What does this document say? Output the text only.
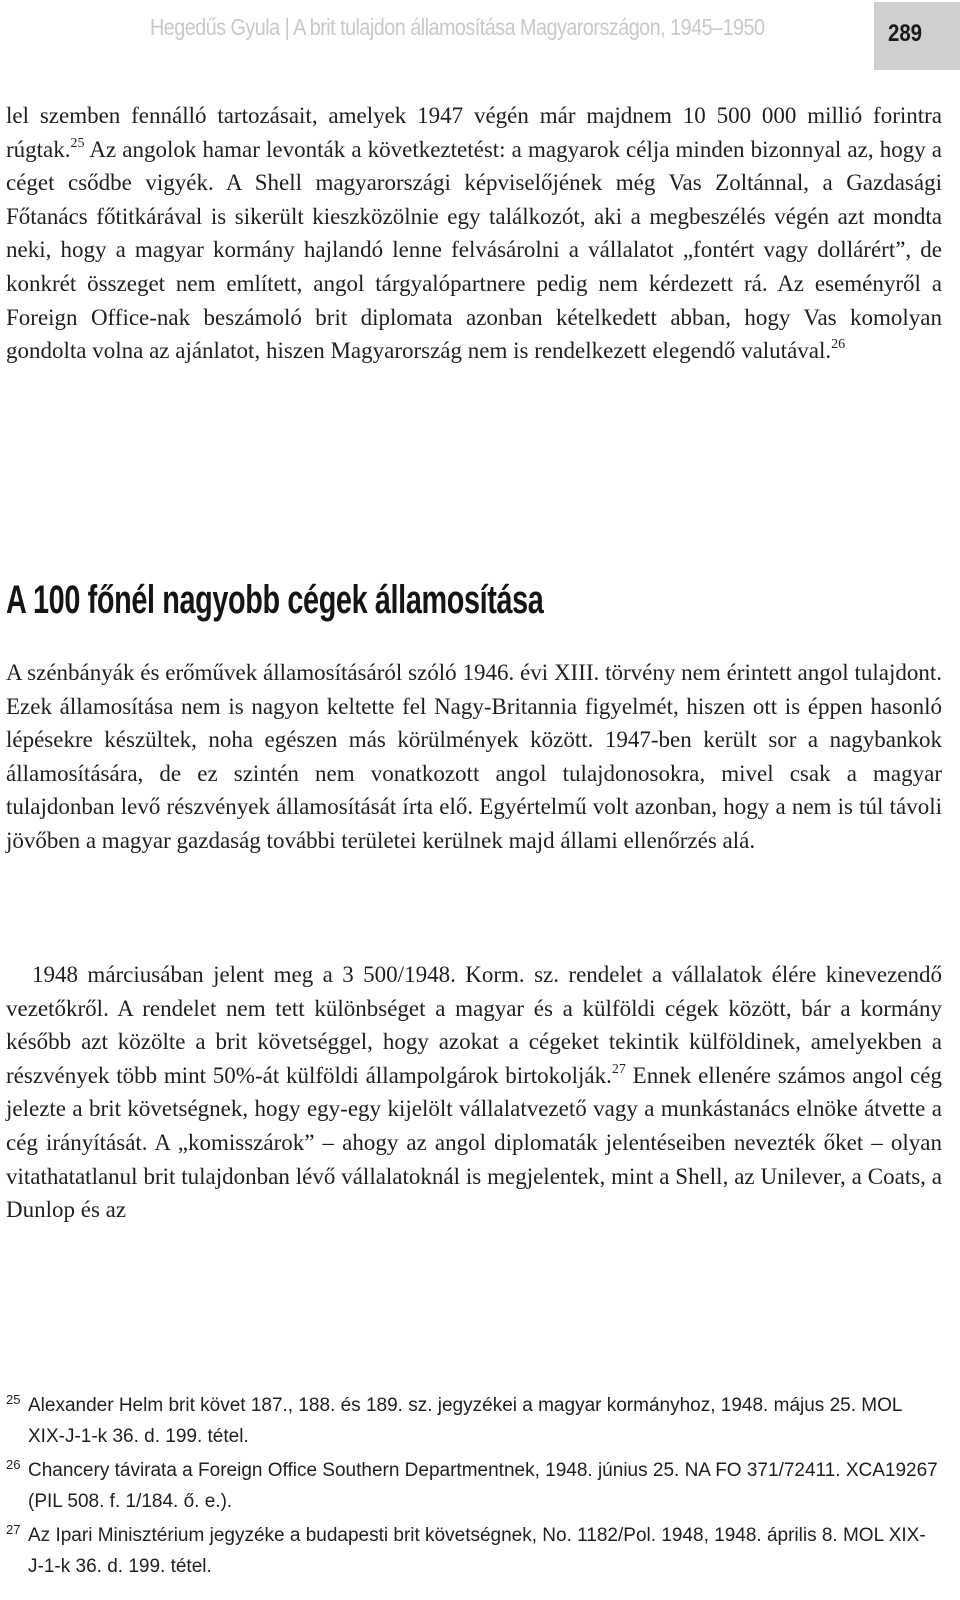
Hegedűs Gyula | A brit tulajdon államosítása Magyarországon, 1945–1950	289

lel szemben fennálló tartozásait, amelyek 1947 végén már majdnem 10 500 000 millió forintra rúgtak.$^{25}$ Az angolok hamar levonták a következtetést: a magyarok célja minden bizonnyal az, hogy a céget csődbe vigyék. A Shell magyarországi képviselőjének még Vas Zoltánnal, a Gazdasági Főtanács főtitkárával is sikerült kieszközölnie egy találkozót, aki a megbeszélés végén azt mondta neki, hogy a magyar kormány hajlandó lenne felvásárolni a vállalatot „fontért vagy dollárért”, de konkrét összeget nem említett, angol tárgyalópartnere pedig nem kérdezett rá. Az eseményről a Foreign Office-nak beszámoló brit diplomata azonban kételkedett abban, hogy Vas komolyan gondolta volna az ajánlatot, hiszen Magyarország nem is rendelkezett elegendő valutával.$^{26}$

A 100 főnél nagyobb cégek államosítása

A szénbányák és erőművek államosításáról szóló 1946. évi XIII. törvény nem érintett angol tulajdont. Ezek államosítása nem is nagyon keltette fel Nagy-Britannia figyelmét, hiszen ott is éppen hasonló lépésekre készültek, noha egészen más körülmények között. 1947-ben került sor a nagybankok államosítására, de ez szintén nem vonatkozott angol tulajdonosokra, mivel csak a magyar tulajdonban levő részvények államosítását írta elő. Egyértelmű volt azonban, hogy a nem is túl távoli jövőben a magyar gazdaság további területei kerülnek majd állami ellenőrzés alá.

1948 márciusában jelent meg a 3 500/1948. Korm. sz. rendelet a vállalatok élére kinevezendő vezetőkről. A rendelet nem tett különbséget a magyar és a külföldi cégek között, bár a kormány később azt közölte a brit követséggel, hogy azokat a cégeket tekintik külföldinek, amelyekben a részvények több mint 50%-át külföldi állampolgárok birtokolják.$^{27}$ Ennek ellenére számos angol cég jelezte a brit követségnek, hogy egy-egy kijelölt vállalatvezető vagy a munkástanács elnöke átvette a cég irányítását. A „komisszárok” – ahogy az angol diplomaták jelentéseiben nevezték őket – olyan vitathatatlanul brit tulajdonban lévő vállalatoknál is megjelentek, mint a Shell, az Unilever, a Coats, a Dunlop és az

25 Alexander Helm brit követ 187., 188. és 189. sz. jegyzékei a magyar kormányhoz, 1948. május 25. MOL XIX-J-1-k 36. d. 199. tétel.
26 Chancery távirata a Foreign Office Southern Departmentnek, 1948. június 25. NA FO 371/72411. XCA19267 (PIL 508. f. 1/184. ő. e.).
27 Az Ipari Minisztérium jegyzéke a budapesti brit követségnek, No. 1182/Pol. 1948, 1948. április 8. MOL XIX-J-1-k 36. d. 199. tétel.
